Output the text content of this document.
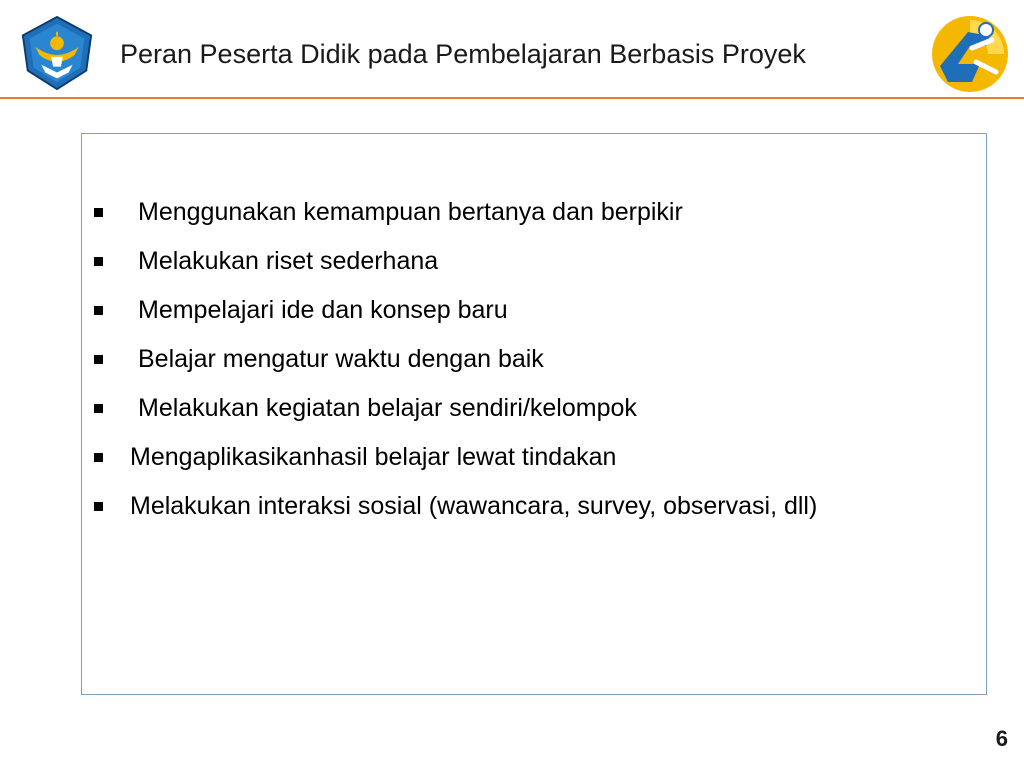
Peran Peserta Didik pada Pembelajaran Berbasis Proyek
Menggunakan kemampuan bertanya dan berpikir
Melakukan riset sederhana
Mempelajari ide dan konsep baru
Belajar mengatur waktu dengan baik
Melakukan kegiatan belajar sendiri/kelompok
Mengaplikasikanhasil belajar lewat tindakan
Melakukan interaksi sosial (wawancara, survey, observasi, dll)
6
